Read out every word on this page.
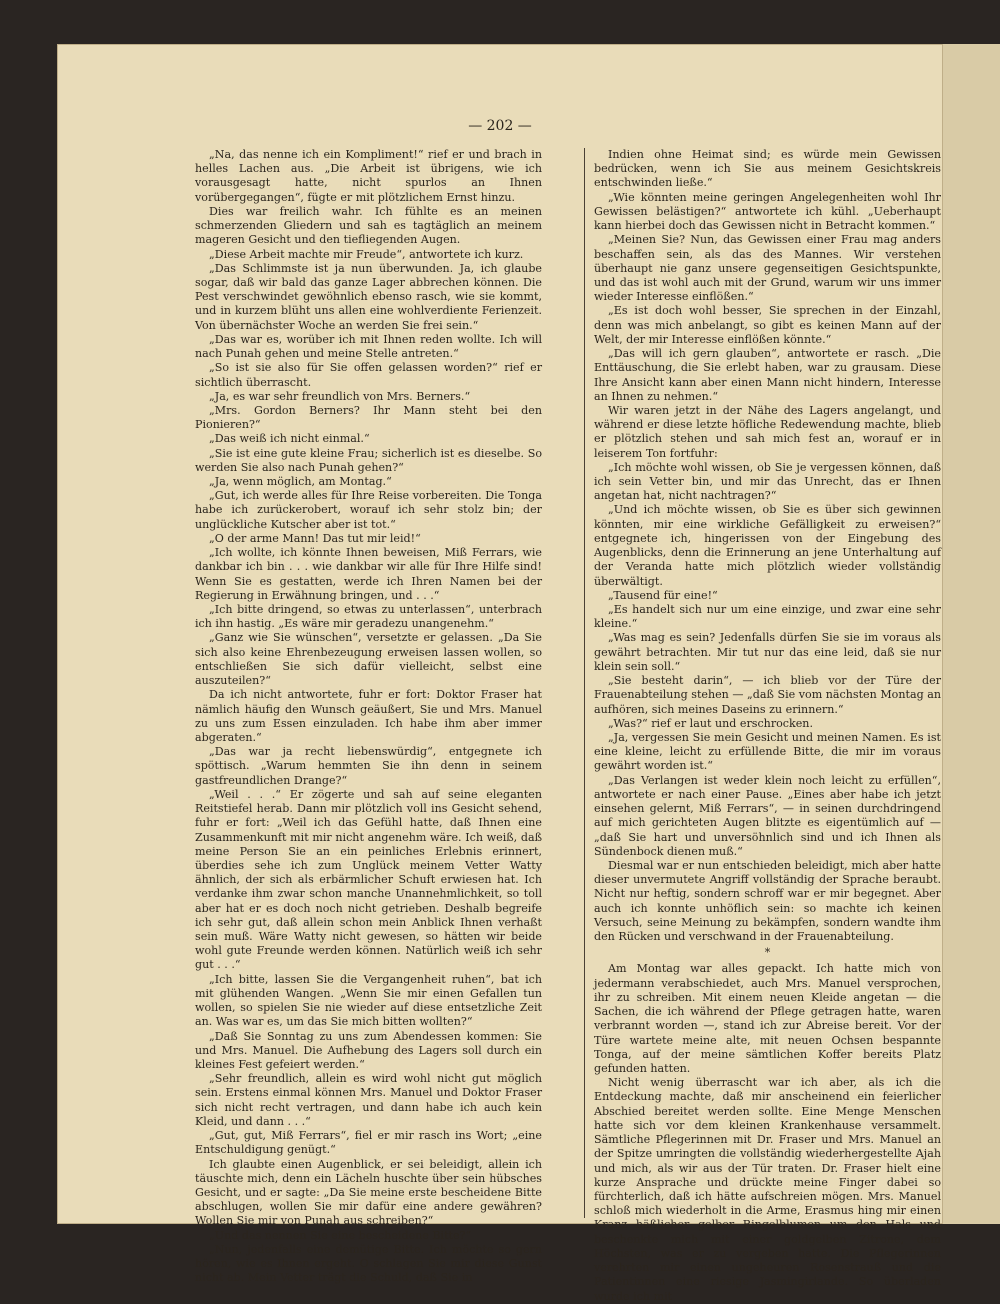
— 202 —

„Na, das nenne ich ein Kompliment!“ rief er und brach in helles Lachen aus. „Die Arbeit ist übrigens, wie ich vorausgesagt hatte, nicht spurlos an Ihnen vorübergegangen“, fügte er mit plötzlichem Ernst hinzu.

Dies war freilich wahr. Ich fühlte es an meinen schmerzenden Gliedern und sah es tagtäglich an meinem mageren Gesicht und den tiefliegenden Augen.

„Diese Arbeit machte mir Freude“, antwortete ich kurz.

„Das Schlimmste ist ja nun überwunden. Ja, ich glaube sogar, daß wir bald das ganze Lager abbrechen können. Die Pest verschwindet gewöhnlich ebenso rasch, wie sie kommt, und in kurzem blüht uns allen eine wohlverdiente Ferienzeit. Von übernächster Woche an werden Sie frei sein.“

„Das war es, worüber ich mit Ihnen reden wollte. Ich will nach Punah gehen und meine Stelle antreten.“

„So ist sie also für Sie offen gelassen worden?“ rief er sichtlich überrascht.

„Ja, es war sehr freundlich von Mrs. Berners.“

„Mrs. Gordon Berners? Ihr Mann steht bei den Pionieren?“

„Das weiß ich nicht einmal.“

„Sie ist eine gute kleine Frau; sicherlich ist es dieselbe. So werden Sie also nach Punah gehen?“

„Ja, wenn möglich, am Montag.“

„Gut, ich werde alles für Ihre Reise vorbereiten. Die Tonga habe ich zurückerobert, worauf ich sehr stolz bin; der unglückliche Kutscher aber ist tot.“

„O der arme Mann! Das tut mir leid!“

„Ich wollte, ich könnte Ihnen beweisen, Miß Ferrars, wie dankbar ich bin . . . wie dankbar wir alle für Ihre Hilfe sind! Wenn Sie es gestatten, werde ich Ihren Namen bei der Regierung in Erwähnung bringen, und . . .“

„Ich bitte dringend, so etwas zu unterlassen“, unterbrach ich ihn hastig. „Es wäre mir geradezu unangenehm.“

„Ganz wie Sie wünschen“, versetzte er gelassen. „Da Sie sich also keine Ehrenbezeugung erweisen lassen wollen, so entschließen Sie sich dafür vielleicht, selbst eine auszuteilen?“

Da ich nicht antwortete, fuhr er fort: Doktor Fraser hat nämlich häufig den Wunsch geäußert, Sie und Mrs. Manuel zu uns zum Essen einzuladen. Ich habe ihm aber immer abgeraten.“

„Das war ja recht liebenswürdig“, entgegnete ich spöttisch. „Warum hemmten Sie ihn denn in seinem gastfreundlichen Drange?“

„Weil . . .“ Er zögerte und sah auf seine eleganten Reitstiefel herab. Dann mir plötzlich voll ins Gesicht sehend, fuhr er fort: „Weil ich das Gefühl hatte, daß Ihnen eine Zusammenkunft mit mir nicht angenehm wäre. Ich weiß, daß meine Person Sie an ein peinliches Erlebnis erinnert, überdies sehe ich zum Unglück meinem Vetter Watty ähnlich, der sich als erbärmlicher Schuft erwiesen hat. Ich verdanke ihm zwar schon manche Unannehmlichkeit, so toll aber hat er es doch noch nicht getrieben. Deshalb begreife ich sehr gut, daß allein schon mein Anblick Ihnen verhaßt sein muß. Wäre Watty nicht gewesen, so hätten wir beide wohl gute Freunde werden können. Natürlich weiß ich sehr gut . . .“

„Ich bitte, lassen Sie die Vergangenheit ruhen“, bat ich mit glühenden Wangen. „Wenn Sie mir einen Gefallen tun wollen, so spielen Sie nie wieder auf diese entsetzliche Zeit an. Was war es, um das Sie mich bitten wollten?“

„Daß Sie Sonntag zu uns zum Abendessen kommen: Sie und Mrs. Manuel. Die Aufhebung des Lagers soll durch ein kleines Fest gefeiert werden.“

„Sehr freundlich, allein es wird wohl nicht gut möglich sein. Erstens einmal können Mrs. Manuel und Doktor Fraser sich nicht recht vertragen, und dann habe ich auch kein Kleid, und dann . . .“

„Gut, gut, Miß Ferrars“, fiel er mir rasch ins Wort; „eine Entschuldigung genügt.“

Ich glaubte einen Augenblick, er sei beleidigt, allein ich täuschte mich, denn ein Lächeln huschte über sein hübsches Gesicht, und er sagte: „Da Sie meine erste bescheidene Bitte abschlugen, wollen Sie mir dafür eine andere gewähren? Wollen Sie mir von Punah aus schreiben?“

„Und das nennen Sie eine bescheidene Bitte?“

„Nun, jedenfalls eine demütige Bitte. Ich möchte so gern hören, wie es Ihnen ergeht. O schlagen Sie mir diese Gunst nicht ab. Mein Vetter trägt die Schuld, daß Sie in

Indien ohne Heimat sind; es würde mein Gewissen bedrücken, wenn ich Sie aus meinem Gesichtskreis entschwinden ließe.“

„Wie könnten meine geringen Angelegenheiten wohl Ihr Gewissen belästigen?“ antwortete ich kühl. „Ueberhaupt kann hierbei doch das Gewissen nicht in Betracht kommen.“

„Meinen Sie? Nun, das Gewissen einer Frau mag anders beschaffen sein, als das des Mannes. Wir verstehen überhaupt nie ganz unsere gegenseitigen Gesichtspunkte, und das ist wohl auch mit der Grund, warum wir uns immer wieder Interesse einflößen.“

„Es ist doch wohl besser, Sie sprechen in der Einzahl, denn was mich anbelangt, so gibt es keinen Mann auf der Welt, der mir Interesse einflößen könnte.“

„Das will ich gern glauben“, antwortete er rasch. „Die Enttäuschung, die Sie erlebt haben, war zu grausam. Diese Ihre Ansicht kann aber einen Mann nicht hindern, Interesse an Ihnen zu nehmen.“

Wir waren jetzt in der Nähe des Lagers angelangt, und während er diese letzte höfliche Redewendung machte, blieb er plötzlich stehen und sah mich fest an, worauf er in leiserem Ton fortfuhr:

„Ich möchte wohl wissen, ob Sie je vergessen können, daß ich sein Vetter bin, und mir das Unrecht, das er Ihnen angetan hat, nicht nachtragen?“

„Und ich möchte wissen, ob Sie es über sich gewinnen könnten, mir eine wirkliche Gefälligkeit zu erweisen?“ entgegnete ich, hingerissen von der Eingebung des Augenblicks, denn die Erinnerung an jene Unterhaltung auf der Veranda hatte mich plötzlich wieder vollständig überwältigt.

„Tausend für eine!“

„Es handelt sich nur um eine einzige, und zwar eine sehr kleine.“

„Was mag es sein? Jedenfalls dürfen Sie sie im voraus als gewährt betrachten. Mir tut nur das eine leid, daß sie nur klein sein soll.“

„Sie besteht darin“, — ich blieb vor der Türe der Frauenabteilung stehen — „daß Sie vom nächsten Montag an aufhören, sich meines Daseins zu erinnern.“

„Was?“ rief er laut und erschrocken.

„Ja, vergessen Sie mein Gesicht und meinen Namen. Es ist eine kleine, leicht zu erfüllende Bitte, die mir im voraus gewährt worden ist.“

„Das Verlangen ist weder klein noch leicht zu erfüllen“, antwortete er nach einer Pause. „Eines aber habe ich jetzt einsehen gelernt, Miß Ferrars“, — in seinen durchdringend auf mich gerichteten Augen blitzte es eigentümlich auf — „daß Sie hart und unversöhnlich sind und ich Ihnen als Sündenbock dienen muß.“

Diesmal war er nun entschieden beleidigt, mich aber hatte dieser unvermutete Angriff vollständig der Sprache beraubt. Nicht nur heftig, sondern schroff war er mir begegnet. Aber auch ich konnte unhöflich sein: so machte ich keinen Versuch, seine Meinung zu bekämpfen, sondern wandte ihm den Rücken und verschwand in der Frauenabteilung.

*

Am Montag war alles gepackt. Ich hatte mich von jedermann verabschiedet, auch Mrs. Manuel versprochen, ihr zu schreiben. Mit einem neuen Kleide angetan — die Sachen, die ich während der Pflege getragen hatte, waren verbrannt worden —, stand ich zur Abreise bereit. Vor der Türe wartete meine alte, mit neuen Ochsen bespannte Tonga, auf der meine sämtlichen Koffer bereits Platz gefunden hatten.

Nicht wenig überrascht war ich aber, als ich die Entdeckung machte, daß mir anscheinend ein feierlicher Abschied bereitet werden sollte. Eine Menge Menschen hatte sich vor dem kleinen Krankenhause versammelt. Sämtliche Pflegerinnen mit Dr. Fraser und Mrs. Manuel an der Spitze umringten die vollständig wiederhergestellte Ajah und mich, als wir aus der Tür traten. Dr. Fraser hielt eine kurze Ansprache und drückte meine Finger dabei so fürchterlich, daß ich hätte aufschreien mögen. Mrs. Manuel schloß mich wiederholt in die Arme, Erasmus hing mir einen Kranz häßlicher gelber Ringelblumen um den Hals und beschenkte mich mit einer goldgelben Zitrone, dem Höchsten, was er zu vergeben hatte. Die Pflegerinnen verehrten mir einen ungeheuren Rosenstrauß und die Patientinnen eine riesige Jasmingirlande. So überladen wurde ich mit
